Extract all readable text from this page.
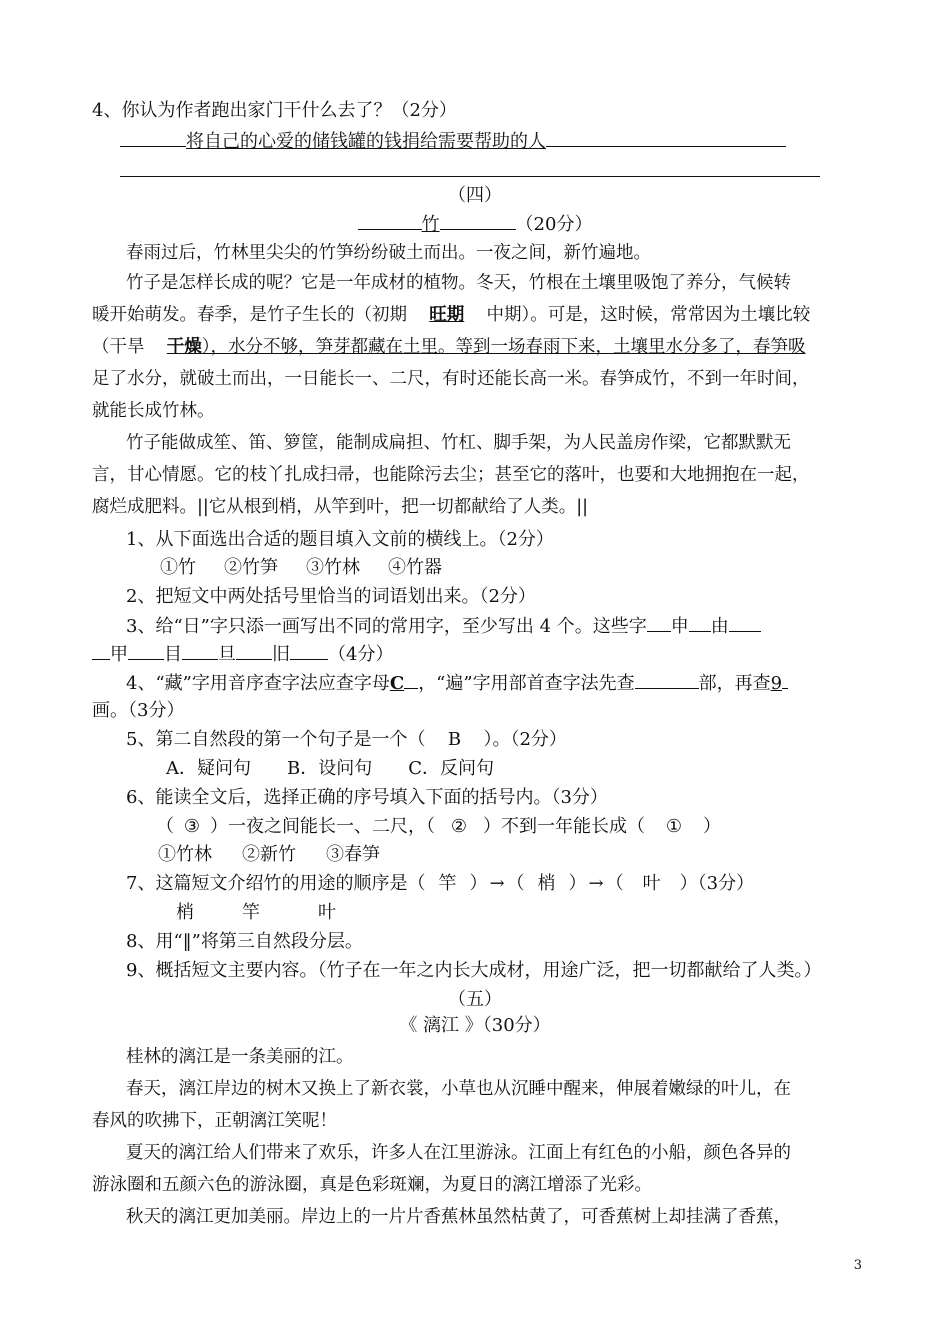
4、你认为作者跑出家门干什么去了？（2分）
将自己的心爱的储钱罐的钱捐给需要帮助的人
（四）
竹	（20分）
春雨过后，竹林里尖尖的竹笋纷纷破土而出。一夜之间，新竹遍地。
竹子是怎样长成的呢？它是一年成材的植物。冬天，竹根在土壤里吸饱了养分，气候转
暖开始萌发。春季，是竹子生长的（初期 旺期 中期）。可是，这时候，常常因为土壤比较
（干旱 干燥），水分不够，笋芽都藏在土里。等到一场春雨下来，土壤里水分多了，春笋吸
足了水分，就破土而出，一日能长一、二尺，有时还能长高一米。春笋成竹，不到一年时间，
就能长成竹林。
竹子能做成笙、笛、箩筐，能制成扁担、竹杠、脚手架，为人民盖房作梁，它都默默无
言，甘心情愿。它的枝丫扎成扫帚，也能除污去尘；甚至它的落叶，也要和大地拥抱在一起，
腐烂成肥料。||它从根到梢，从竿到叶，把一切都献给了人类。||
1、从下面选出合适的题目填入文前的横线上。（2分）
①竹 ②竹笋 ③竹林 ④竹器
2、把短文中两处括号里恰当的词语划出来。（2分）
3、给“日”字只添一画写出不同的常用字，至少写出 4 个。这些字 申 由
甲 目 旦 旧 （4分）
4、“藏”字用音序查字法应查字母C ，“遍”字用部首查字法先查	部，再查9
画。（3分）
5、第二自然段的第一个句子是一个（ B ）。（2分）
A．疑问句 B．设问句 C．反问句
6、能读全文后，选择正确的序号填入下面的括号内。（3分）
（ ③ ）一夜之间能长一、二尺，（ ② ）不到一年能长成（ ① ）
①竹林 ②新竹 ③春笋
7、这篇短文介绍竹的用途的顺序是（ 竿 ） → （ 梢 ） → （ 叶 ）（3分）
梢	竿	叶
8、用“‖”将第三自然段分层。
9、概括短文主要内容。（竹子在一年之内长大成材，用途广泛，把一切都献给了人类。）
（五）
《 漓江 》（30分）
桂林的漓江是一条美丽的江。
春天，漓江岸边的树木又换上了新衣裳，小草也从沉睡中醒来，伸展着嫩绿的叶儿，在
春风的吹拂下，正朝漓江笑呢！
夏天的漓江给人们带来了欢乐，许多人在江里游泳。江面上有红色的小船，颜色各异的
游泳圈和五颜六色的游泳圈，真是色彩斑斓，为夏日的漓江增添了光彩。
秋天的漓江更加美丽。岸边上的一片片香蕉林虽然枯黄了，可香蕉树上却挂满了香蕉，
3
